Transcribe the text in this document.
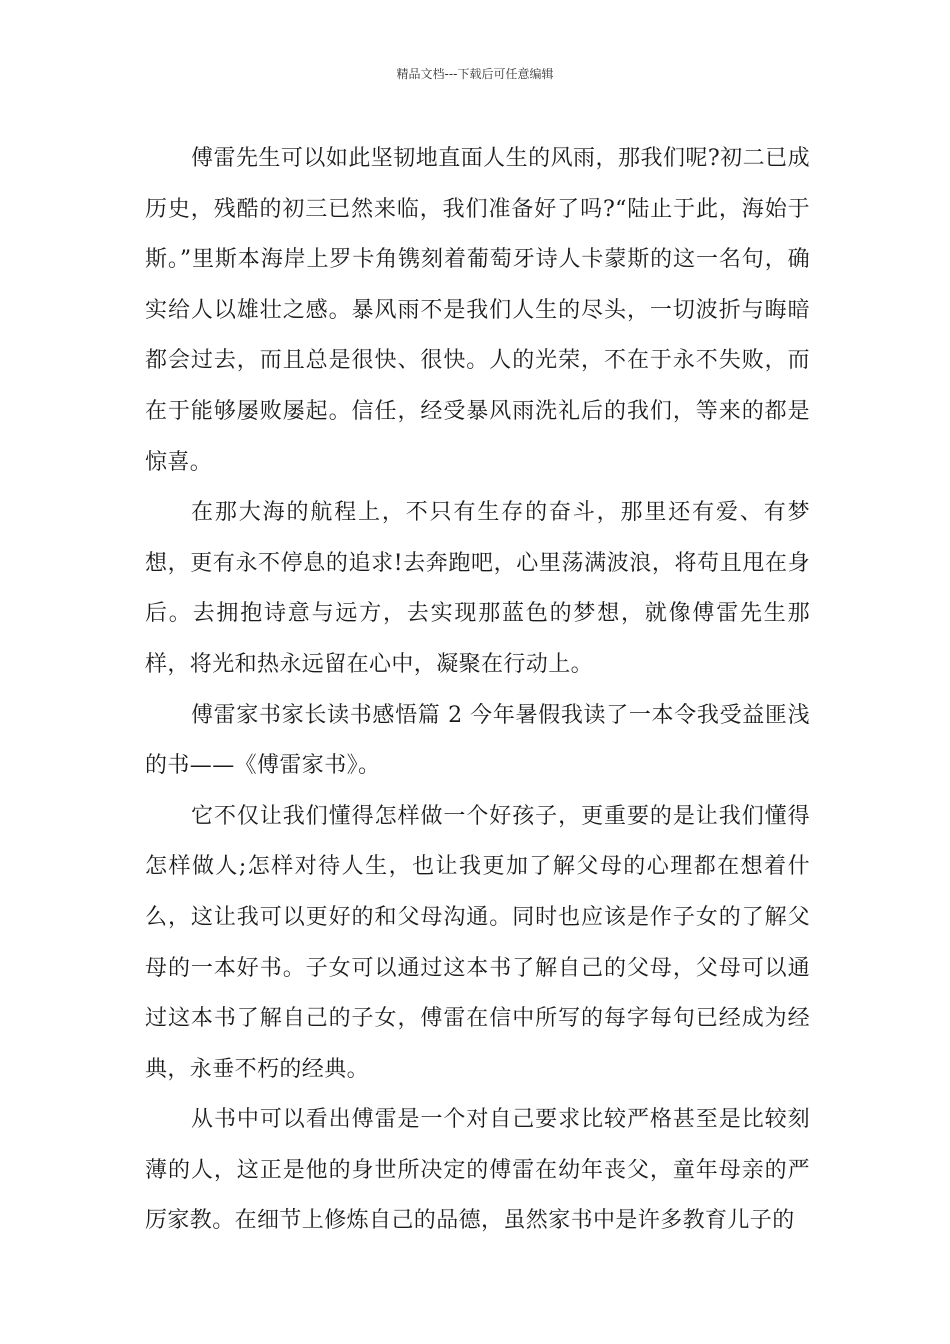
精品文档---下载后可任意编辑

傅雷先生可以如此坚韧地直面人生的风雨，那我们呢?初二已成历史，残酷的初三已然来临，我们准备好了吗?“陆止于此，海始于斯。”里斯本海岸上罗卡角镌刻着葡萄牙诗人卡蒙斯的这一名句，确实给人以雄壮之感。暴风雨不是我们人生的尽头，一切波折与晦暗都会过去，而且总是很快、很快。人的光荣，不在于永不失败，而在于能够屡败屡起。信任，经受暴风雨洗礼后的我们，等来的都是惊喜。

在那大海的航程上，不只有生存的奋斗，那里还有爱、有梦想，更有永不停息的追求!去奔跑吧，心里荡满波浪，将苟且甩在身后。去拥抱诗意与远方，去实现那蓝色的梦想，就像傅雷先生那样，将光和热永远留在心中，凝聚在行动上。

傅雷家书家长读书感悟篇 2 今年暑假我读了一本令我受益匪浅的书——《傅雷家书》。

它不仅让我们懂得怎样做一个好孩子，更重要的是让我们懂得怎样做人;怎样对待人生，也让我更加了解父母的心理都在想着什么，这让我可以更好的和父母沟通。同时也应该是作子女的了解父母的一本好书。子女可以通过这本书了解自己的父母，父母可以通过这本书了解自己的子女，傅雷在信中所写的每字每句已经成为经典，永垂不朽的经典。

从书中可以看出傅雷是一个对自己要求比较严格甚至是比较刻薄的人，这正是他的身世所决定的傅雷在幼年丧父，童年母亲的严厉家教。在细节上修炼自己的品德，虽然家书中是许多教育儿子的
